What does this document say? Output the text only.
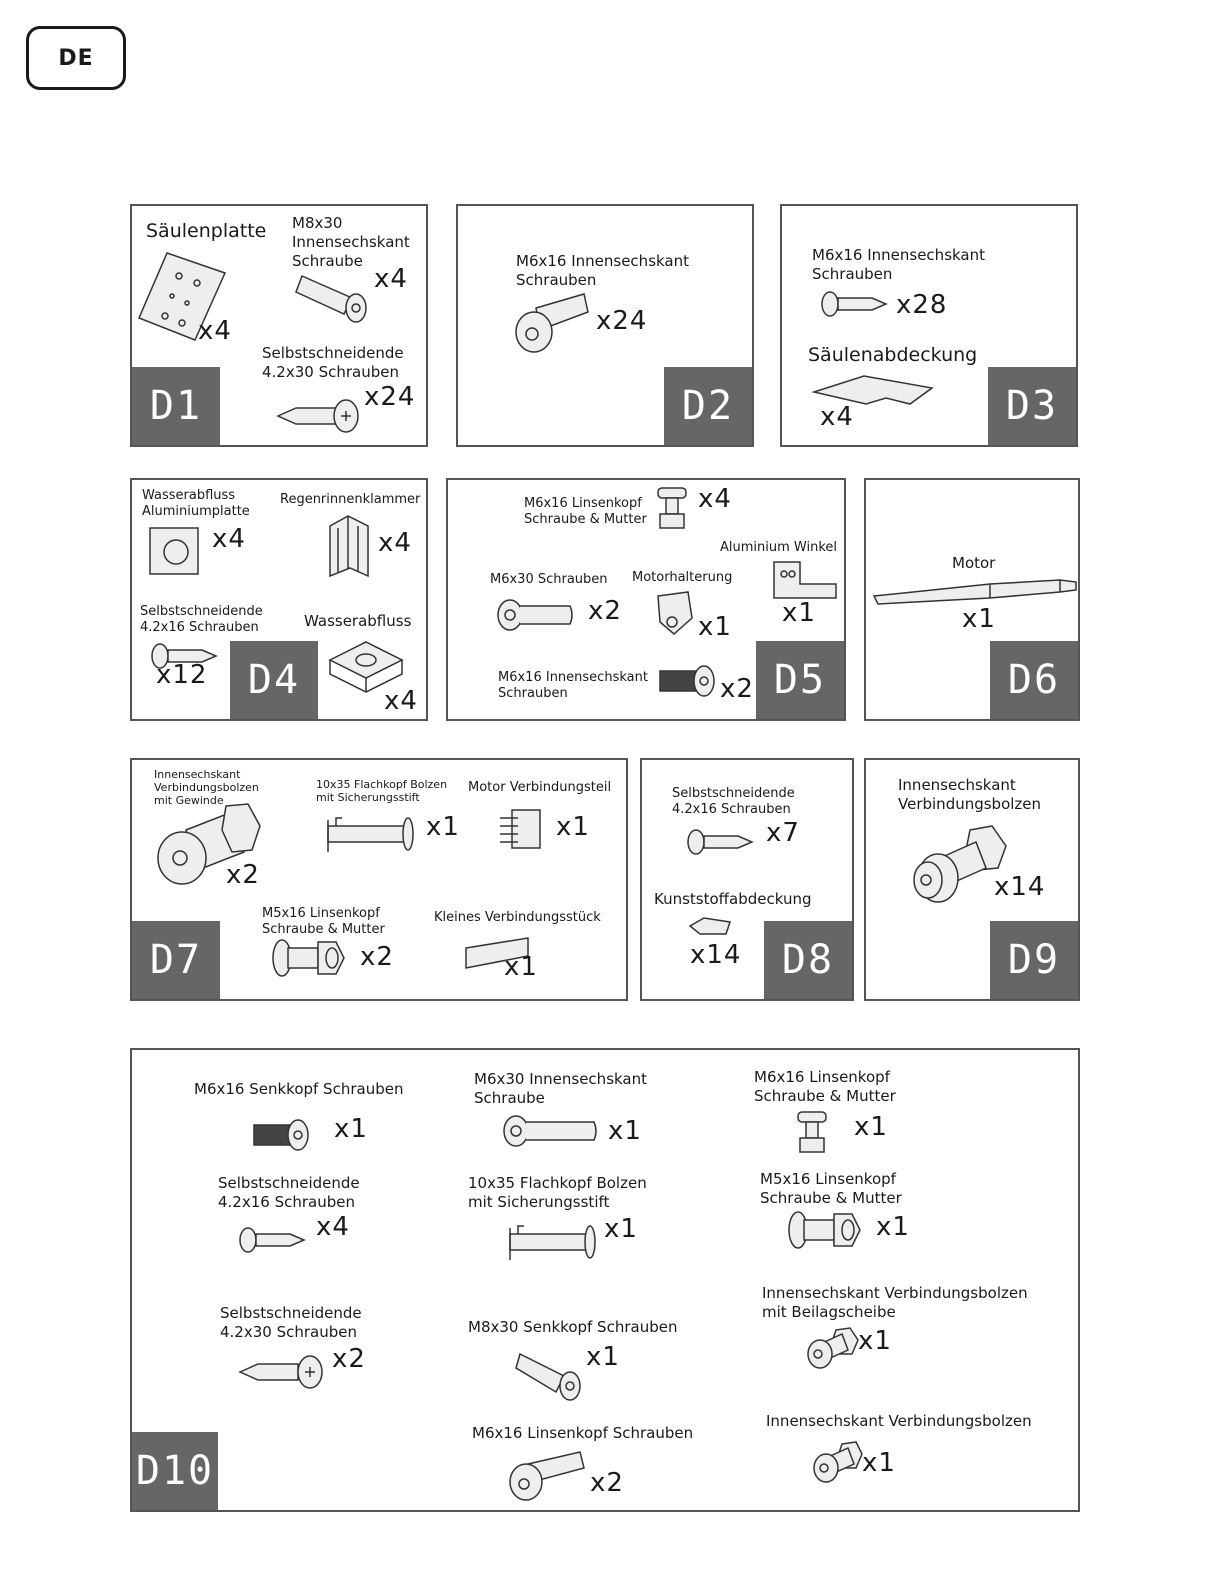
DE
Säulenplatte
x4
M8x30
Innensechskant
Schraube
x4
Selbstschneidende
4.2x30 Schrauben
x24
D1
M6x16 Innensechskant
Schrauben
x24
D2
M6x16 Innensechskant
Schrauben
x28
Säulenabdeckung
x4	D3
Wasserabfluss
Aluminiumplatte
x4
Regenrinnenklammer
x4
Selbstschneidende
4.2x16 Schrauben
x12
Wasserabfluss
x4
D4
M6x16 Linsenkopf
Schraube & Mutter
x4
Aluminium Winkel
x1
M6x30 Schrauben
x2
Motorhalterung
x1
M6x16 Innensechskant
Schrauben	x2 D5
Motor
x1
D6
Innensechskant
Verbindungsbolzen
mit Gewinde
x2
10x35 Flachkopf Bolzen
mit Sicherungsstift
x1
Motor Verbindungsteil
x1
M5x16 Linsenkopf
Schraube & Mutter
x2
Kleines Verbindungsstück
x1
D7
Selbstschneidende
4.2x16 Schrauben
x7
Kunststoffabdeckung
x14	D8
Innensechskant
Verbindungsbolzen
x14
D9
M6x16 Senkkopf Schrauben
x1
Selbstschneidende
4.2x16 Schrauben
x4
Selbstschneidende
4.2x30 Schrauben
x2
M6x30 Innensechskant
Schraube
x1
10x35 Flachkopf Bolzen
mit Sicherungsstift
x1
M8x30 Senkkopf Schrauben
x1
M6x16 Linsenkopf Schrauben
x2
M6x16 Linsenkopf
Schraube & Mutter
x1
M5x16 Linsenkopf
Schraube & Mutter
x1
Innensechskant Verbindungsbolzen
mit Beilagscheibe
x1
Innensechskant Verbindungsbolzen
x1
D10
